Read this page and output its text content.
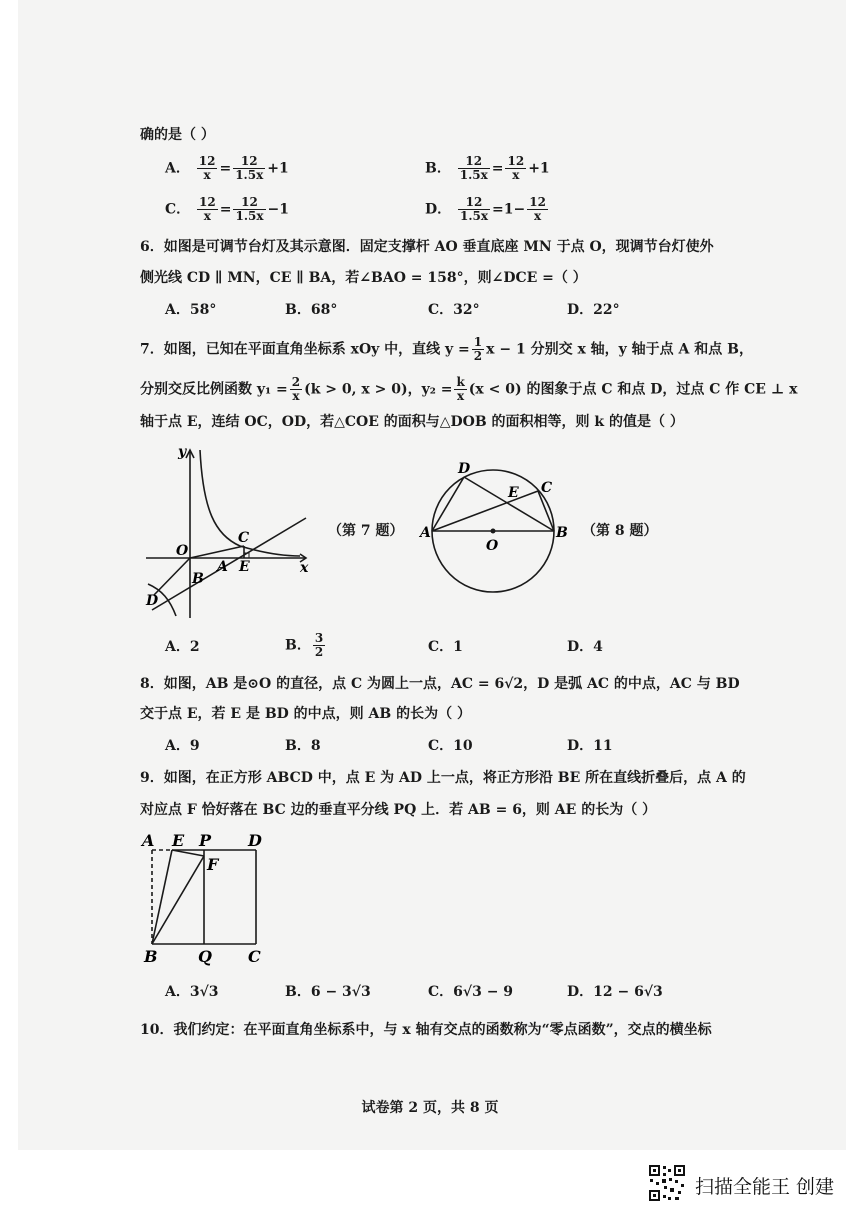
确的是（ ）
A． $\frac{12}{x} = \frac{12}{1.5x} +1$	B． $\frac{12}{1.5x} = \frac{12}{x} +1$
C． $\frac{12}{x} = \frac{12}{1.5x} -1$	D． $\frac{12}{1.5x} =1- \frac{12}{x}$
6．如图是可调节台灯及其示意图．固定支撑杆 AO 垂直底座 MN 于点 O，现调节台灯使外
侧光线 CD ∥ MN，CE ∥ BA，若∠BAO = 158°，则∠DCE =（ ）
A．58°	B．68°	C．32°	D．22°
7．如图，已知在平面直角坐标系 xOy 中，直线 $y = \frac{1}{2}$ x − 1 分别交 x 轴，y 轴于点 A 和点 B，
分别交反比例函数 $y_1 = \frac{2}{x} (k > 0$, x > 0)，$y_2 = \frac{k}{x} (x < 0)$ 的图象于点 C 和点 D，过点 C 作 CE ⊥ x
轴于点 E，连结 OC，OD，若△COE 的面积与△DOB 的面积相等，则 k 的值是（ ）
y
x
O
A
B
C
E
D
（第 7 题） A	B
C
D
E
O
（第 8 题）
A．2	B． $\frac{3}{2}$	C．1	D．4
8．如图，AB 是⊙O 的直径，点 C 为圆上一点，AC = 6√2，D 是弧 AC 的中点，AC 与 BD
交于点 E，若 E 是 BD 的中点，则 AB 的长为（ ）
A．9	B．8	C．10	D．11
9．如图，在正方形 ABCD 中，点 E 为 AD 上一点，将正方形沿 BE 所在直线折叠后，点 A 的
对应点 F 恰好落在 BC 边的垂直平分线 PQ 上．若 AB = 6，则 AE 的长为（ ）
A E P D
F
B	Q C
A．3√3	B．6 − 3√3	C．6√3 − 9	D．12 − 6√3
10．我们约定：在平面直角坐标系中，与 x 轴有交点的函数称为“零点函数”，交点的横坐标
试卷第 2 页，共 8 页
扫描全能王 创建
